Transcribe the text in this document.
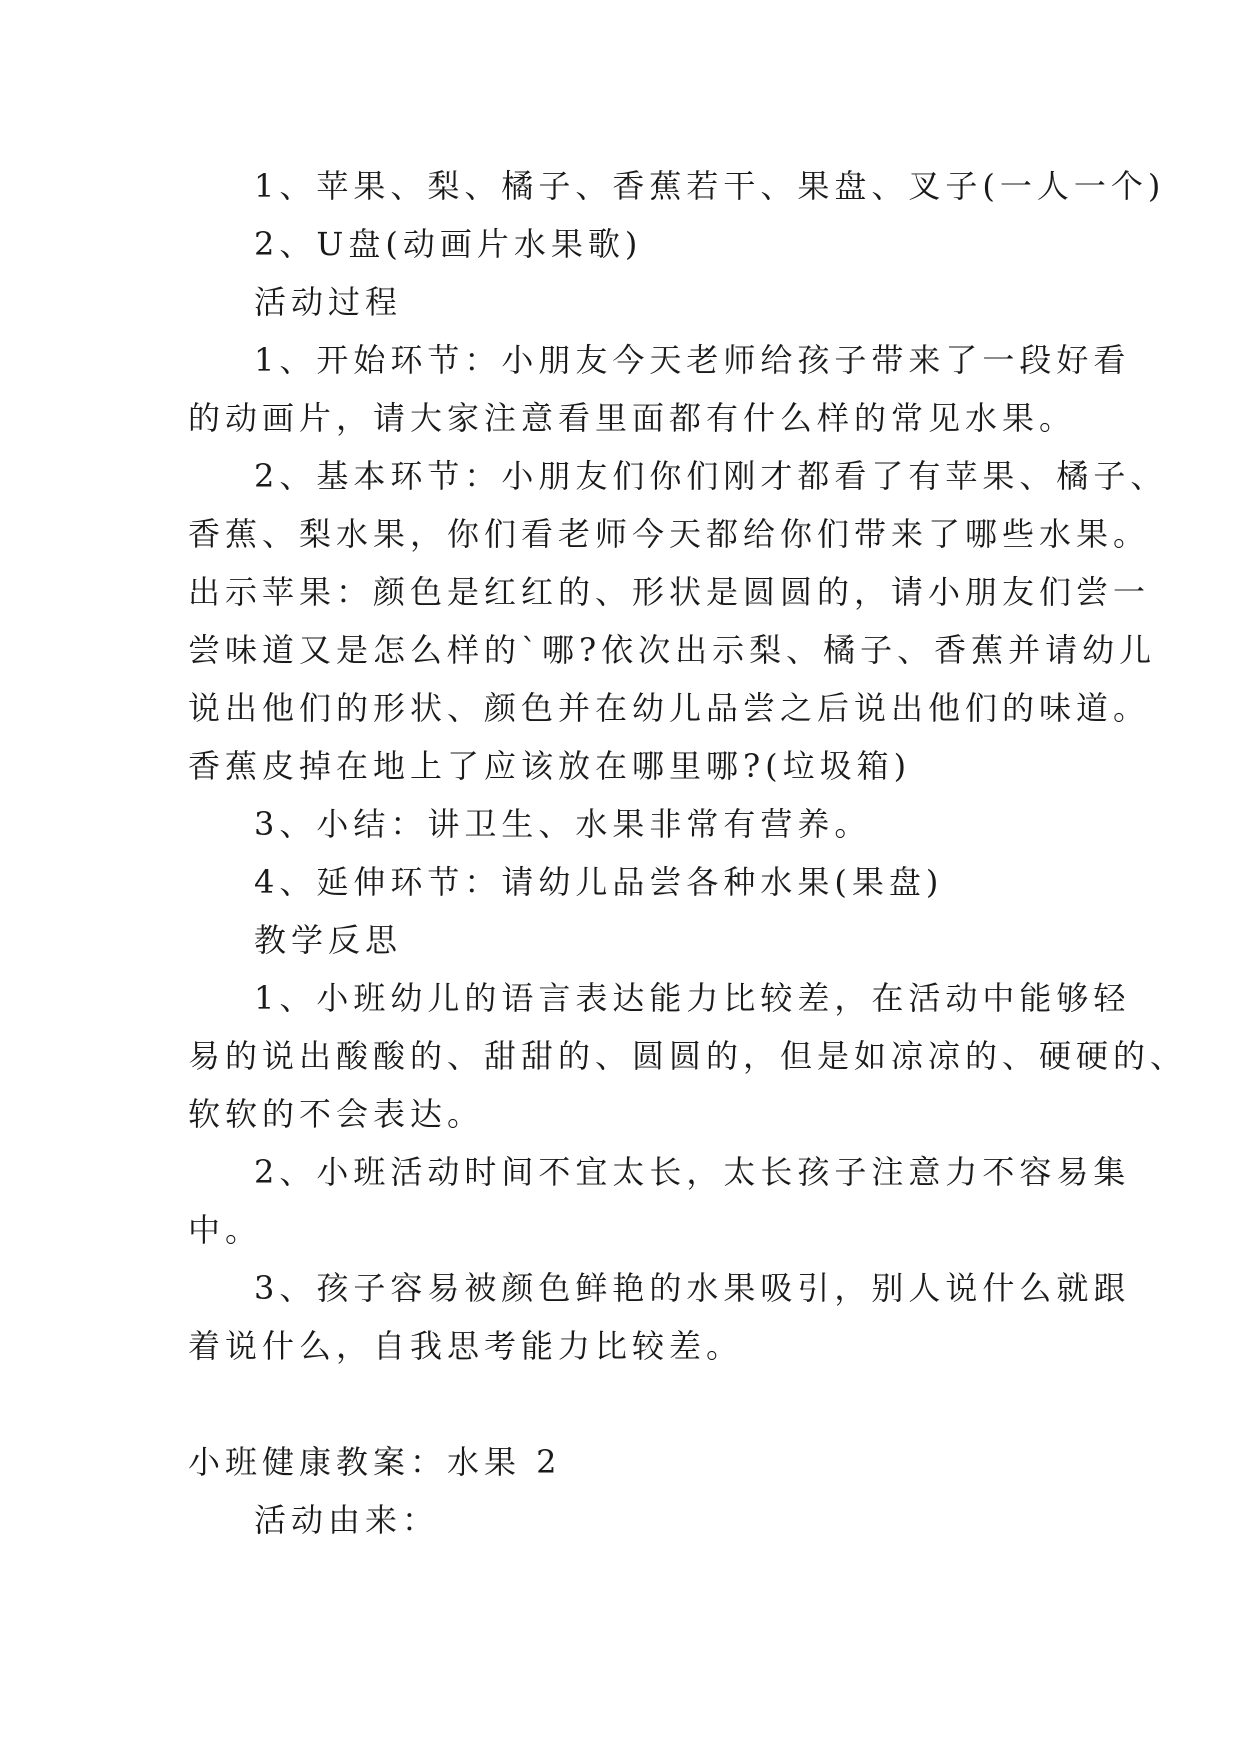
1、苹果、梨、橘子、香蕉若干、果盘、叉子(一人一个)
2、U盘(动画片水果歌)
活动过程
1、开始环节：小朋友今天老师给孩子带来了一段好看
的动画片，请大家注意看里面都有什么样的常见水果。
2、基本环节：小朋友们你们刚才都看了有苹果、橘子、
香蕉、梨水果，你们看老师今天都给你们带来了哪些水果。
出示苹果：颜色是红红的、形状是圆圆的，请小朋友们尝一
尝味道又是怎么样的`哪?依次出示梨、橘子、香蕉并请幼儿
说出他们的形状、颜色并在幼儿品尝之后说出他们的味道。
香蕉皮掉在地上了应该放在哪里哪?(垃圾箱)
3、小结：讲卫生、水果非常有营养。
4、延伸环节：请幼儿品尝各种水果(果盘)
教学反思
1、小班幼儿的语言表达能力比较差，在活动中能够轻
易的说出酸酸的、甜甜的、圆圆的，但是如凉凉的、硬硬的、
软软的不会表达。
2、小班活动时间不宜太长，太长孩子注意力不容易集
中。
3、孩子容易被颜色鲜艳的水果吸引，别人说什么就跟
着说什么，自我思考能力比较差。
小班健康教案：水果 2
活动由来：
